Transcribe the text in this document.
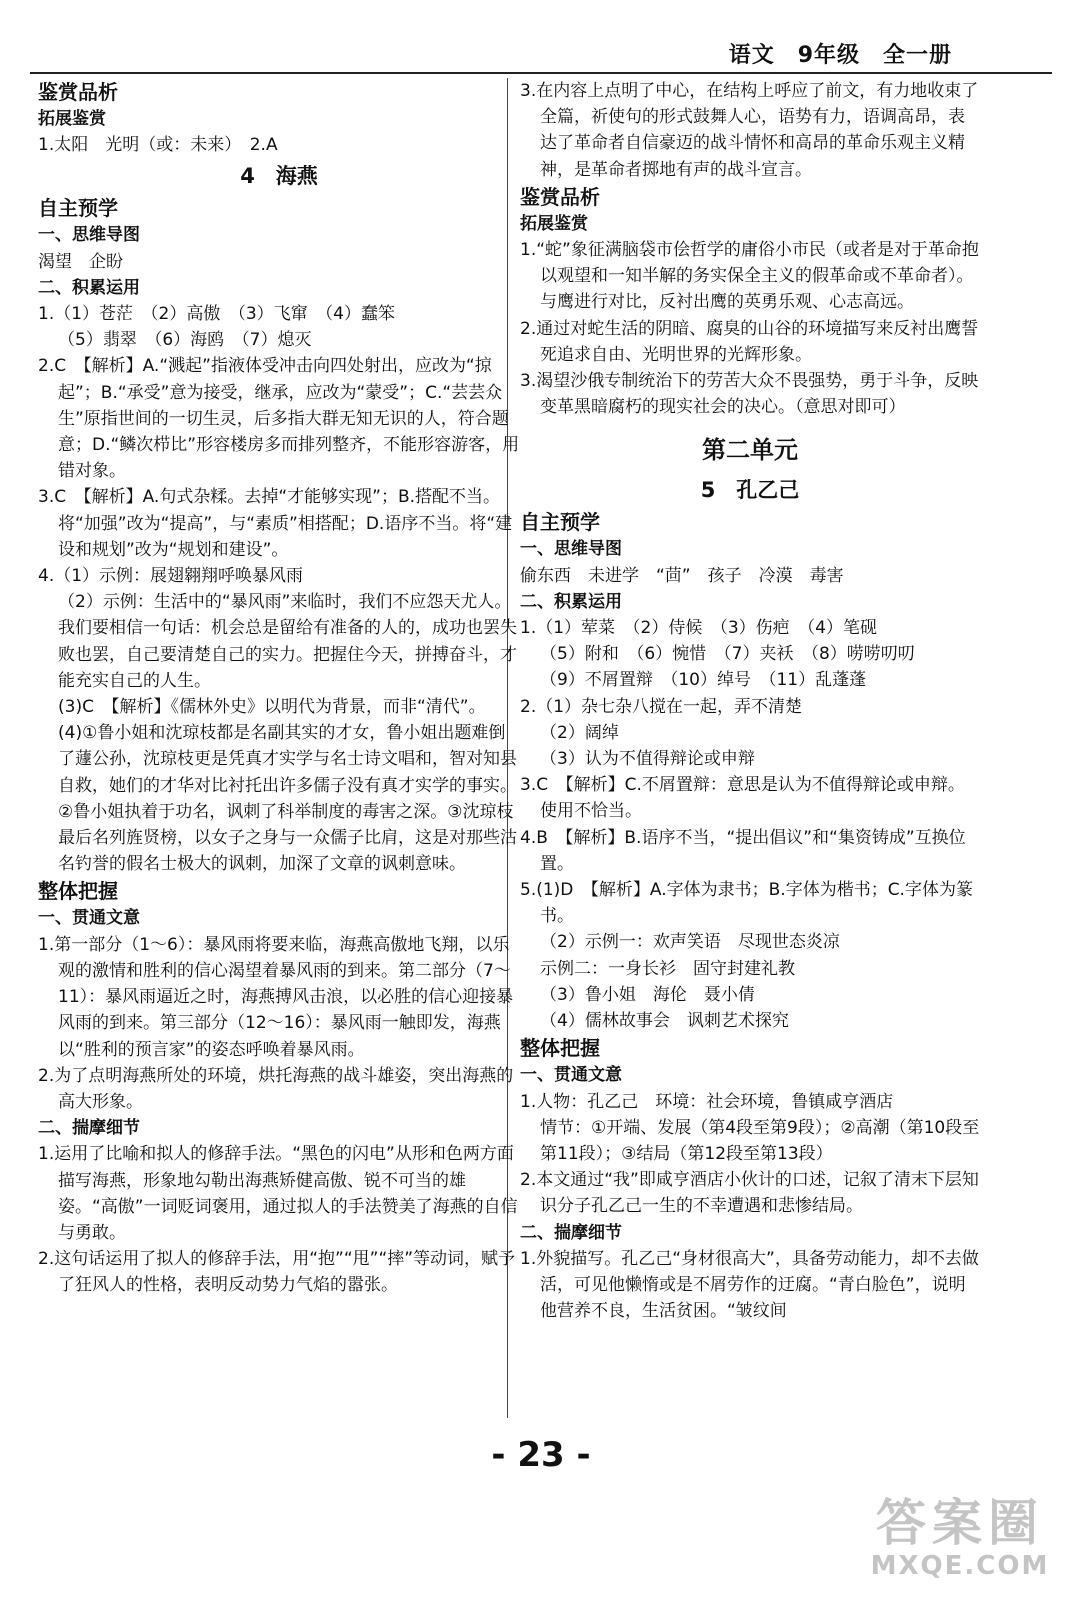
语文　9年级　全一册
鉴赏品析
拓展鉴赏
1.太阳　光明（或：未来）　2.A
4　海燕
自主预学
一、思维导图
渴望　企盼
二、积累运用
1.（1）苍茫　（2）高傲　（3）飞窜　（4）蠢笨
（5）翡翠　（6）海鸥　（7）熄灭
2.C　【解析】A.“溅起”指液体受冲击向四处射出，应改为“掠起”；B.“承受”意为接受，继承，应改为“蒙受”；C.“芸芸众生”原指世间的一切生灵，后多指大群无知无识的人，符合题意；D.“鳞次栉比”形容楼房多而排列整齐，不能形容游客，用错对象。
3.C　【解析】A.句式杂糅。去掉“才能够实现”；B.搭配不当。将“加强”改为“提高”，与“素质”相搭配；D.语序不当。将“建设和规划”改为“规划和建设”。
4.（1）示例：展翅翱翔呼唤暴风雨
（2）示例：生活中的“暴风雨”来临时，我们不应怨天尤人。我们要相信一句话：机会总是留给有准备的人的，成功也罢失败也罢，自己要清楚自己的实力。把握住今天，拼搏奋斗，才能充实自己的人生。
(3)C　【解析】《儒林外史》以明代为背景，而非“清代”。
(4)①鲁小姐和沈琼枝都是名副其实的才女，鲁小姐出题难倒了蘧公孙，沈琼枝更是凭真才实学与名士诗文唱和，智对知县自救，她们的才华对比衬托出许多儒子没有真才实学的事实。②鲁小姐执着于功名，讽刺了科举制度的毒害之深。③沈琼枝最后名列旌贤榜，以女子之身与一众儒子比肩，这是对那些沽名钓誉的假名士极大的讽刺，加深了文章的讽刺意味。
整体把握
一、贯通文意
1.第一部分（1～6）：暴风雨将要来临，海燕高傲地飞翔，以乐观的激情和胜利的信心渴望着暴风雨的到来。第二部分（7～11）：暴风雨逼近之时，海燕搏风击浪，以必胜的信心迎接暴风雨的到来。第三部分（12～16）：暴风雨一触即发，海燕以“胜利的预言家”的姿态呼唤着暴风雨。
2.为了点明海燕所处的环境，烘托海燕的战斗雄姿，突出海燕的高大形象。
二、揣摩细节
1.运用了比喻和拟人的修辞手法。“黑色的闪电”从形和色两方面描写海燕，形象地勾勒出海燕矫健高傲、锐不可当的雄姿。“高傲”一词贬词褒用，通过拟人的手法赞美了海燕的自信与勇敢。
2.这句话运用了拟人的修辞手法，用“抱”“甩”“摔”等动词，赋予了狂风人的性格，表明反动势力气焰的嚣张。
3.在内容上点明了中心，在结构上呼应了前文，有力地收束了全篇，祈使句的形式鼓舞人心，语势有力，语调高昂，表达了革命者自信豪迈的战斗情怀和高昂的革命乐观主义精神，是革命者掷地有声的战斗宣言。
鉴赏品析
拓展鉴赏
1.“蛇”象征满脑袋市侩哲学的庸俗小市民（或者是对于革命抱以观望和一知半解的务实保全主义的假革命或不革命者）。与鹰进行对比，反衬出鹰的英勇乐观、心志高远。
2.通过对蛇生活的阴暗、腐臭的山谷的环境描写来反衬出鹰誓死追求自由、光明世界的光辉形象。
3.渴望沙俄专制统治下的劳苦大众不畏强势，勇于斗争，反映变革黑暗腐朽的现实社会的决心。（意思对即可）
第二单元
5　孔乙己
自主预学
一、思维导图
偷东西　未进学　“茴”　孩子　冷漠　毒害
二、积累运用
1.（1）荤菜　（2）侍候　（3）伤疤　（4）笔砚
（5）附和　（6）惋惜　（7）夹袄　（8）唠唠叨叨
（9）不屑置辩　（10）绰号　（11）乱蓬蓬
2.（1）杂七杂八搅在一起，弄不清楚
（2）阔绰
（3）认为不值得辩论或申辩
3.C　【解析】C.不屑置辩：意思是认为不值得辩论或申辩。使用不恰当。
4.B　【解析】B.语序不当，“提出倡议”和“集资铸成”互换位置。
5.(1)D　【解析】A.字体为隶书；B.字体为楷书；C.字体为篆书。
（2）示例一：欢声笑语　尽现世态炎凉
示例二：一身长衫　固守封建礼教
（3）鲁小姐　海伦　聂小倩
（4）儒林故事会　讽刺艺术探究
整体把握
一、贯通文意
1.人物：孔乙己　环境：社会环境，鲁镇咸亨酒店
情节：①开端、发展（第4段至第9段）；②高潮（第10段至第11段）；③结局（第12段至第13段）
2.本文通过“我”即咸亨酒店小伙计的口述，记叙了清末下层知识分子孔乙己一生的不幸遭遇和悲惨结局。
二、揣摩细节
1.外貌描写。孔乙己“身材很高大”，具备劳动能力，却不去做活，可见他懒惰或是不屑劳作的迂腐。“青白脸色”，说明他营养不良，生活贫困。“皱纹间
- 23 -
答案圈
MXQE.COM
